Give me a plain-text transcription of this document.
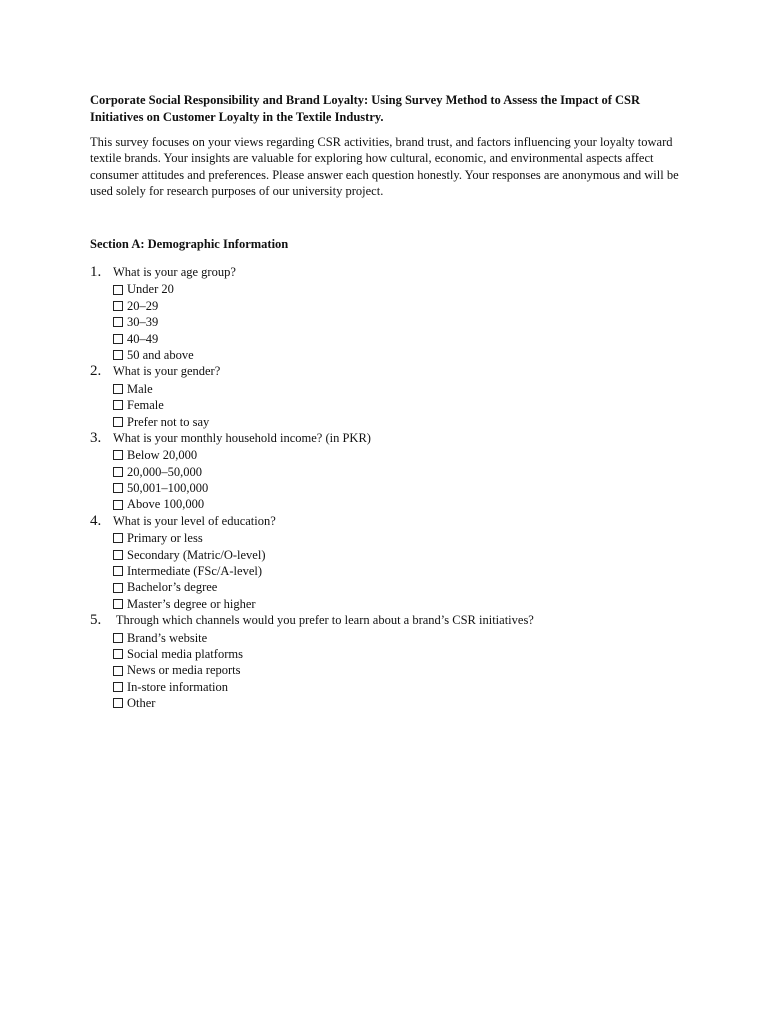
Corporate Social Responsibility and Brand Loyalty: Using Survey Method to Assess the Impact of CSR Initiatives on Customer Loyalty in the Textile Industry.

This survey focuses on your views regarding CSR activities, brand trust, and factors influencing your loyalty toward textile brands. Your insights are valuable for exploring how cultural, economic, and environmental aspects affect consumer attitudes and preferences. Please answer each question honestly. Your responses are anonymous and will be used solely for research purposes of our university project.

Section A: Demographic Information

1. What is your age group?
Under 20
20–29
30–39
40–49
50 and above
2. What is your gender?
Male
Female
Prefer not to say
3. What is your monthly household income? (in PKR)
Below 20,000
20,000–50,000
50,001–100,000
Above 100,000
4. What is your level of education?
Primary or less
Secondary (Matric/O-level)
Intermediate (FSc/A-level)
Bachelor’s degree
Master’s degree or higher
5. Through which channels would you prefer to learn about a brand’s CSR initiatives?
Brand’s website
Social media platforms
News or media reports
In-store information
Other
